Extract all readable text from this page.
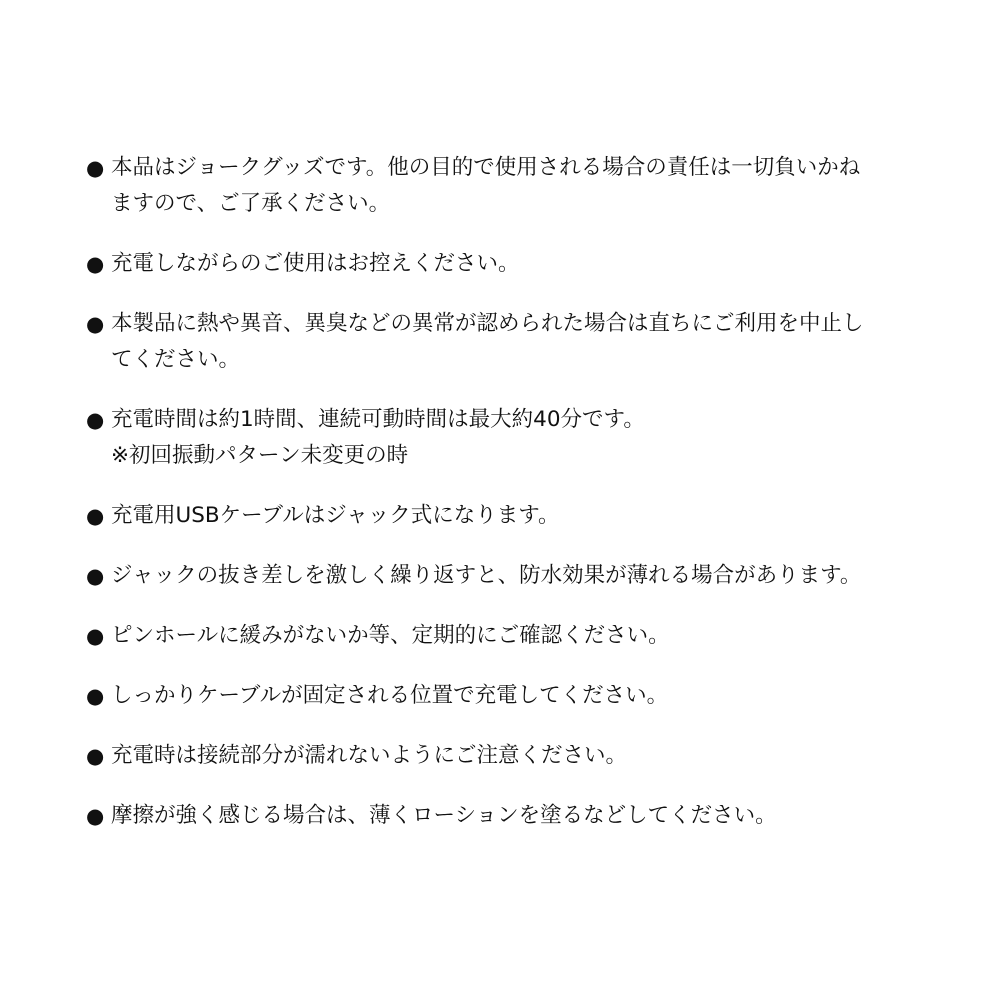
● 本品はジョークグッズです。他の目的で使用される場合の責任は一切負いかね
ますので、ご了承ください。
● 充電しながらのご使用はお控えください。
● 本製品に熱や異音、異臭などの異常が認められた場合は直ちにご利用を中止し
てください。
● 充電時間は約1時間、連続可動時間は最大約40分です。
※初回振動パターン未変更の時
● 充電用USBケーブルはジャック式になります。
● ジャックの抜き差しを激しく繰り返すと、防水効果が薄れる場合があります。
● ピンホールに緩みがないか等、定期的にご確認ください。
● しっかりケーブルが固定される位置で充電してください。
● 充電時は接続部分が濡れないようにご注意ください。
● 摩擦が強く感じる場合は、薄くローションを塗るなどしてください。
